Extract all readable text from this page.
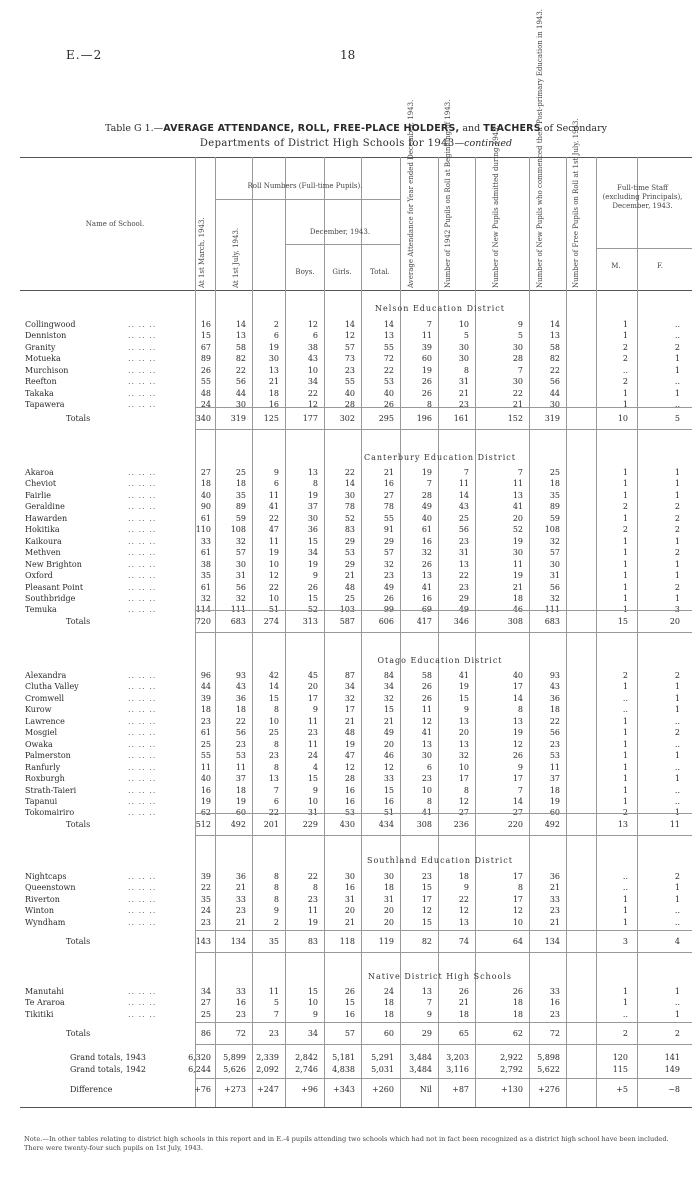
E.—2	18
Table G 1.—AVERAGE ATTENDANCE, ROLL, FREE-PLACE HOLDERS, and TEACHERS of Secondary
Departments of District High Schools for 1943—continued
Name of School.
Roll Numbers (Full-time Pupils).
December, 1943.
Boys.	Girls.	Total.
At 1st March, 1943.	At 1st July, 1943.	Average Attendance for Year ended December, 1943.	Number of 1942 Pupils on Roll at Beginning of 1943.	Number of New Pupils admitted during 1943.	Number of New Pupils who commenced their Post-primary Education in 1943.	Number of Free Pupils on Roll at 1st July, 1943.	Full-time Staff (excluding Principals), December, 1943.
M.	F.
Nelson Education District
Collingwood	.. .. ..	16	14	2	12	14	14	7	10	9	14	1	..
Denniston	.. .. ..	15	13	6	6	12	13	11	5	5	13	1	..
Granity	.. .. ..	67	58	19	38	57	55	39	30	30	58	2	2
Motueka	.. .. ..	89	82	30	43	73	72	60	30	28	82	2	1
Murchison	.. .. ..	26	22	13	10	23	22	19	8	7	22	..	1
Reefton	.. .. ..	55	56	21	34	55	53	26	31	30	56	2	..
Takaka	.. .. ..	48	44	18	22	40	40	26	21	22	44	1	1
Tapawera	.. .. ..	24	30	16	12	28	26	8	23	21	30	1	..
Totals	340	319	125	177	302	295	196	161	152	319	10	5
Canterbury Education District
Akaroa	.. .. ..	27	25	9	13	22	21	19	7	7	25	1	1
Cheviot	.. .. ..	18	18	6	8	14	16	7	11	11	18	1	1
Fairlie	.. .. ..	40	35	11	19	30	27	28	14	13	35	1	1
Geraldine	.. .. ..	90	89	41	37	78	78	49	43	41	89	2	2
Hawarden	.. .. ..	61	59	22	30	52	55	40	25	20	59	1	2
Hokitika	.. .. ..	110	108	47	36	83	91	61	56	52	108	2	2
Kaikoura	.. .. ..	33	32	11	15	29	29	16	23	19	32	1	1
Methven	.. .. ..	61	57	19	34	53	57	32	31	30	57	1	2
New Brighton	.. .. ..	38	30	10	19	29	32	26	13	11	30	1	1
Oxford	.. .. ..	35	31	12	9	21	23	13	22	19	31	1	1
Pleasant Point	.. .. ..	61	56	22	26	48	49	41	23	21	56	1	2
Southbridge	.. .. ..	32	32	10	15	25	26	16	29	18	32	1	1
Temuka	.. .. ..	114	111	51	52	103	99	69	49	46	111	1	3
Totals	720	683	274	313	587	606	417	346	308	683	15	20
Otago Education District
Alexandra	.. .. ..	96	93	42	45	87	84	58	41	40	93	2	2
Clutha Valley	.. .. ..	44	43	14	20	34	34	26	19	17	43	1	1
Cromwell	.. .. ..	39	36	15	17	32	32	26	15	14	36	..	1
Kurow	.. .. ..	18	18	8	9	17	15	11	9	8	18	..	1
Lawrence	.. .. ..	23	22	10	11	21	21	12	13	13	22	1	..
Mosgiel	.. .. ..	61	56	25	23	48	49	41	20	19	56	1	2
Owaka	.. .. ..	25	23	8	11	19	20	13	13	12	23	1	..
Palmerston	.. .. ..	55	53	23	24	47	46	30	32	26	53	1	1
Ranfurly	.. .. ..	11	11	8	4	12	12	6	10	9	11	1	..
Roxburgh	.. .. ..	40	37	13	15	28	33	23	17	17	37	1	1
Strath-Taieri	.. .. ..	16	18	7	9	16	15	10	8	7	18	1	..
Tapanui	.. .. ..	19	19	6	10	16	16	8	12	14	19	1	..
Tokomairiro	.. .. ..	62	60	22	31	53	51	41	27	27	60	2	1
Totals	512	492	201	229	430	434	308	236	220	492	13	11
Southland Education District
Nightcaps	.. .. ..	39	36	8	22	30	30	23	18	17	36	..	2
Queenstown	.. .. ..	22	21	8	8	16	18	15	9	8	21	..	1
Riverton	.. .. ..	35	33	8	23	31	31	17	22	17	33	1	1
Winton	.. .. ..	24	23	9	11	20	20	12	12	12	23	1	..
Wyndham	.. .. ..	23	21	2	19	21	20	15	13	10	21	1	..
Totals	143	134	35	83	118	119	82	74	64	134	3	4
Native District High Schools
Manutahi	.. .. ..	34	33	11	15	26	24	13	26	26	33	1	1
Te Araroa	.. .. ..	27	16	5	10	15	18	7	21	18	16	1	..
Tikitiki	.. .. ..	25	23	7	9	16	18	9	18	18	23	..	1
Totals	86	72	23	34	57	60	29	65	62	72	2	2
Grand totals, 1943	6,320	5,899	2,339	2,842	5,181	5,291	3,484	3,203	2,922	5,898	120	141
Grand totals, 1942	6,244	5,626	2,092	2,746	4,838	5,031	3,484	3,116	2,792	5,622	115	149
Difference	+76	+273	+247	+96	+343	+260	Nil	+87	+130	+276	+5	−8
Note.—In other tables relating to district high schools in this report and in E.-4 pupils attending two schools which had not in fact been recognized as a district high school have been included. There were twenty-four such pupils on 1st July, 1943.
